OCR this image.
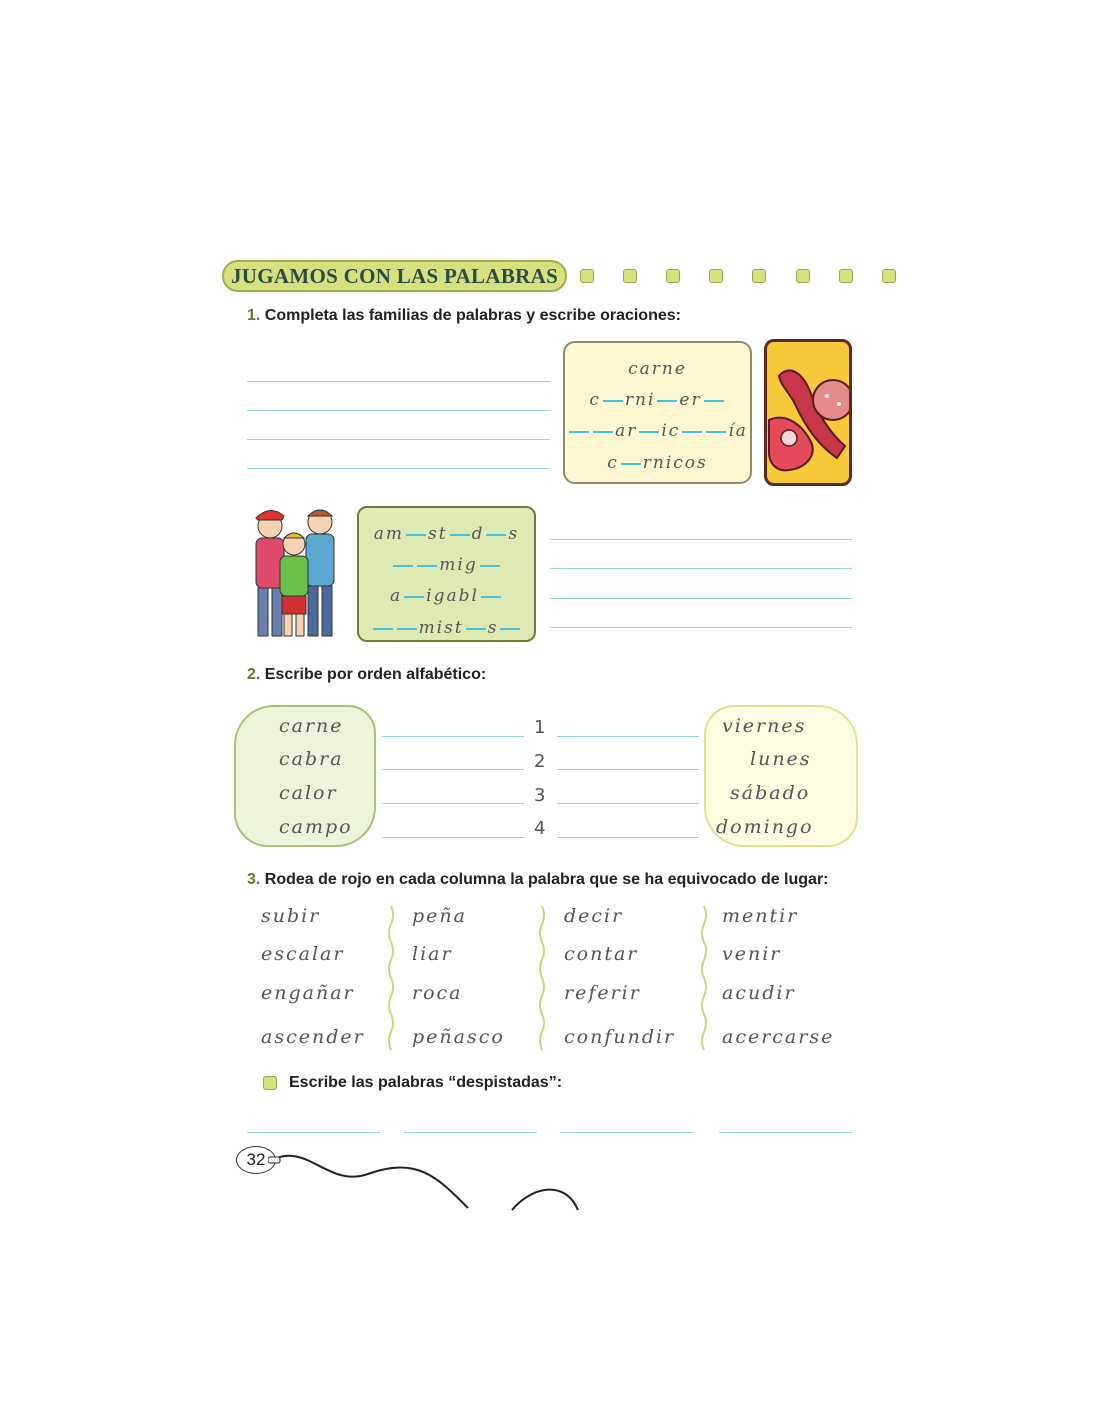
JUGAMOS CON LAS PALABRAS
1. Completa las familias de palabras y escribe oraciones:
carne
c rni er
ar ic	ía
c rnicos
am st d s
mig
a igabl
mist s
2. Escribe por orden alfabético:
carne
cabra
calor
campo
1
2
3
4
viernes
lunes
sábado
domingo
3. Rodea de rojo en cada columna la palabra que se ha equivocado de lugar:
subir
escalar
engañar
ascender
peña
liar
roca
peñasco
decir
contar
referir
confundir
mentir
venir
acudir
acercarse
Escribe las palabras “despistadas”:
32
